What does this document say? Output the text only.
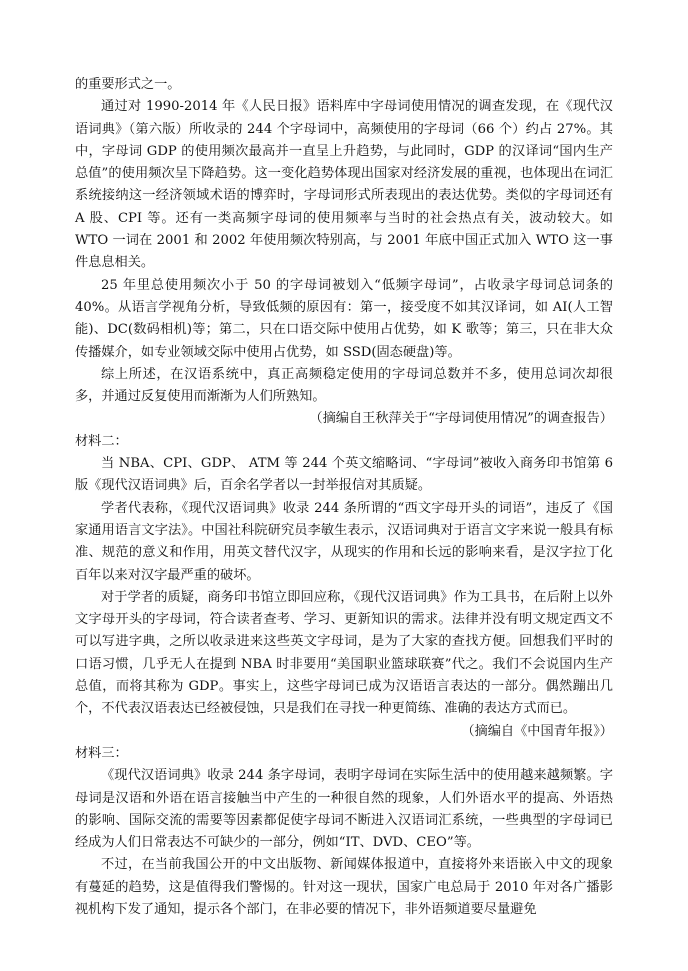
的重要形式之一。

通过对 1990-2014 年《人民日报》语料库中字母词使用情况的调查发现，在《现代汉语词典》（第六版）所收录的 244 个字母词中，高频使用的字母词（66 个）约占 27%。其中，字母词 GDP 的使用频次最高并一直呈上升趋势，与此同时，GDP 的汉译词“国内生产总值”的使用频次呈下降趋势。这一变化趋势体现出国家对经济发展的重视，也体现出在词汇系统接纳这一经济领域术语的博弈时，字母词形式所表现出的表达优势。类似的字母词还有 A 股、CPI 等。还有一类高频字母词的使用频率与当时的社会热点有关，波动较大。如 WTO 一词在 2001 和 2002 年使用频次特别高，与 2001 年底中国正式加入 WTO 这一事件息息相关。

25 年里总使用频次小于 50 的字母词被划入“低频字母词”，占收录字母词总词条的 40%。从语言学视角分析，导致低频的原因有：第一，接受度不如其汉译词，如 AI(人工智能)、DC(数码相机)等；第二，只在口语交际中使用占优势，如 K 歌等；第三，只在非大众传播媒介，如专业领域交际中使用占优势，如 SSD(固态硬盘)等。

综上所述，在汉语系统中，真正高频稳定使用的字母词总数并不多，使用总词次却很多，并通过反复使用而渐渐为人们所熟知。

（摘编自王秋萍关于“字母词使用情况”的调查报告）

材料二：

当 NBA、CPI、GDP、 ATM 等 244 个英文缩略词、“字母词”被收入商务印书馆第 6 版《现代汉语词典》后，百余名学者以一封举报信对其质疑。

学者代表称，《现代汉语词典》收录 244 条所谓的“西文字母开头的词语”，违反了《国家通用语言文字法》。中国社科院研究员李敏生表示，汉语词典对于语言文字来说一般具有标准、规范的意义和作用，用英文替代汉字，从现实的作用和长远的影响来看，是汉字拉丁化百年以来对汉字最严重的破坏。

对于学者的质疑，商务印书馆立即回应称，《现代汉语词典》作为工具书，在后附上以外文字母开头的字母词，符合读者查考、学习、更新知识的需求。法律并没有明文规定西文不可以写进字典，之所以收录进来这些英文字母词，是为了大家的查找方便。回想我们平时的口语习惯，几乎无人在提到 NBA 时非要用“美国职业篮球联赛”代之。我们不会说国内生产总值，而将其称为 GDP。事实上，这些字母词已成为汉语语言表达的一部分。偶然蹦出几个，不代表汉语表达已经被侵蚀，只是我们在寻找一种更简练、准确的表达方式而已。

（摘编自《中国青年报》）

材料三：

《现代汉语词典》收录 244 条字母词，表明字母词在实际生活中的使用越来越频繁。字母词是汉语和外语在语言接触当中产生的一种很自然的现象，人们外语水平的提高、外语热的影响、国际交流的需要等因素都促使字母词不断进入汉语词汇系统，一些典型的字母词已经成为人们日常表达不可缺少的一部分，例如“IT、DVD、CEO”等。

不过，在当前我国公开的中文出版物、新闻媒体报道中，直接将外来语嵌入中文的现象有蔓延的趋势，这是值得我们警惕的。针对这一现状，国家广电总局于 2010 年对各广播影视机构下发了通知，提示各个部门，在非必要的情况下，非外语频道要尽量避免
